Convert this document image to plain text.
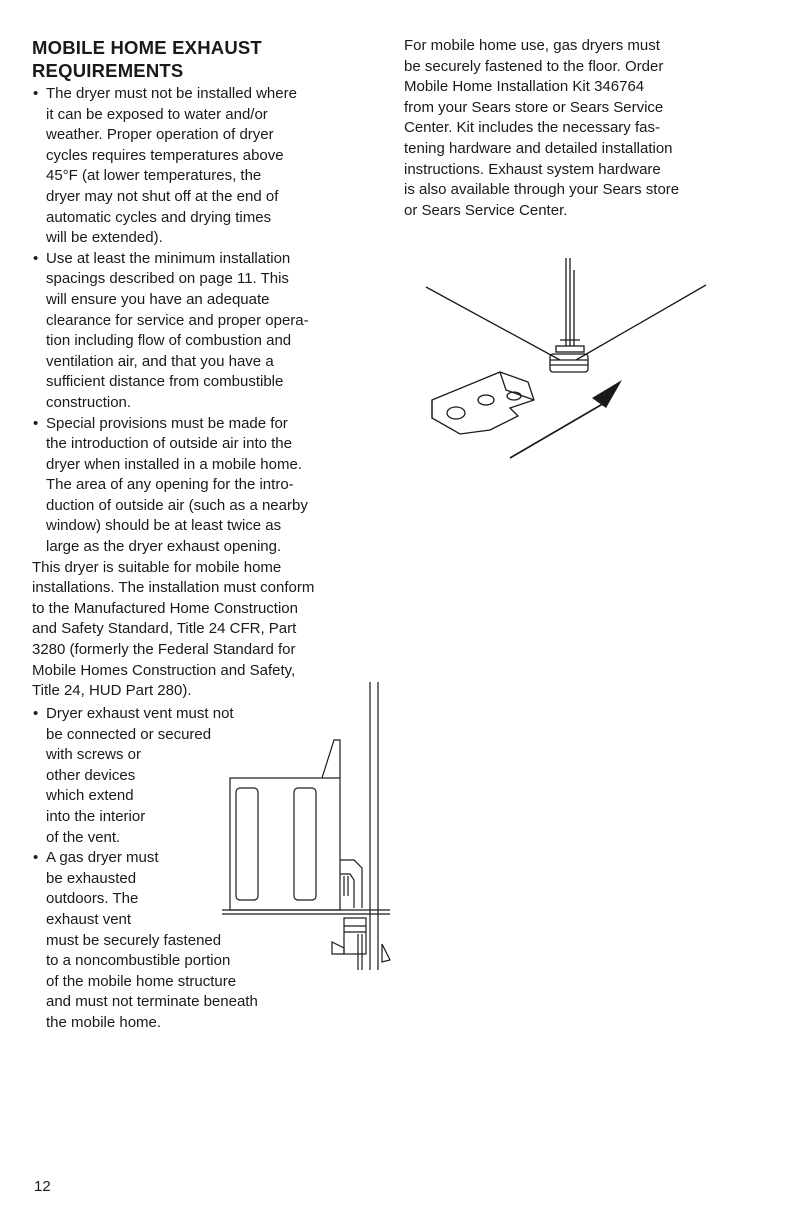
MOBILE HOME EXHAUST
REQUIREMENTS
• The dryer must not be installed where
it can be exposed to water and/or
weather. Proper operation of dryer
cycles requires temperatures above
45°F (at lower temperatures, the
dryer may not shut off at the end of
automatic cycles and drying times
will be extended).
• Use at least the minimum installation
spacings described on page 11. This
will ensure you have an adequate
clearance for service and proper opera-
tion including flow of combustion and
ventilation air, and that you have a
sufficient distance from combustible
construction.
• Special provisions must be made for
the introduction of outside air into the
dryer when installed in a mobile home.
The area of any opening for the intro-
duction of outside air (such as a nearby
window) should be at least twice as
large as the dryer exhaust opening.
This dryer is suitable for mobile home
installations. The installation must conform
to the Manufactured Home Construction
and Safety Standard, Title 24 CFR, Part
3280 (formerly the Federal Standard for
Mobile Homes Construction and Safety,
Title 24, HUD Part 280).
• Dryer exhaust vent must not
be connected or secured
with screws or
other devices
which extend
into the interior
of the vent.
• A gas dryer must
be exhausted
outdoors. The
exhaust vent
must be securely fastened
to a noncombustible portion
of the mobile home structure
and must not terminate beneath
the mobile home.
For mobile home use, gas dryers must
be securely fastened to the floor. Order
Mobile Home Installation Kit 346764
from your Sears store or Sears Service
Center. Kit includes the necessary fas-
tening hardware and detailed installation
instructions. Exhaust system hardware
is also available through your Sears store
or Sears Service Center.
12
